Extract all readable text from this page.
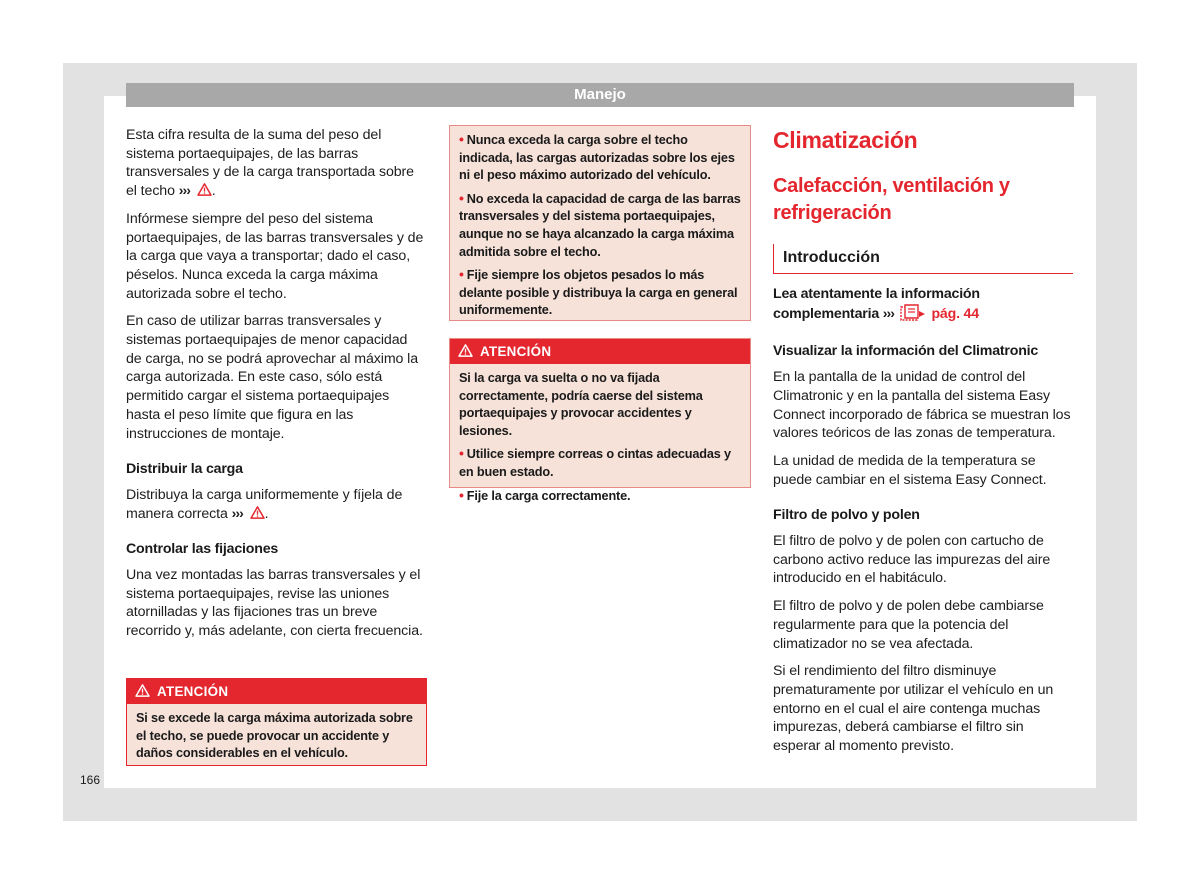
Manejo

Esta cifra resulta de la suma del peso del sistema portaequipajes, de las barras transversales y de la carga transportada sobre el techo ››› .

Infórmese siempre del peso del sistema portaequipajes, de las barras transversales y de la carga que vaya a transportar; dado el caso, péselos. Nunca exceda la carga máxima autorizada sobre el techo.

En caso de utilizar barras transversales y sistemas portaequipajes de menor capacidad de carga, no se podrá aprovechar al máximo la carga autorizada. En este caso, sólo está permitido cargar el sistema portaequipajes hasta el peso límite que figura en las instrucciones de montaje.

Distribuir la carga

Distribuya la carga uniformemente y fíjela de manera correcta ››› .

Controlar las fijaciones

Una vez montadas las barras transversales y el sistema portaequipajes, revise las uniones atornilladas y las fijaciones tras un breve recorrido y, más adelante, con cierta frecuencia.

ATENCIÓN

Si se excede la carga máxima autorizada sobre el techo, se puede provocar un accidente y daños considerables en el vehículo.

• Nunca exceda la carga sobre el techo indicada, las cargas autorizadas sobre los ejes ni el peso máximo autorizado del vehículo.

• No exceda la capacidad de carga de las barras transversales y del sistema portaequipajes, aunque no se haya alcanzado la carga máxima admitida sobre el techo.

• Fije siempre los objetos pesados lo más delante posible y distribuya la carga en general uniformemente.

ATENCIÓN

Si la carga va suelta o no va fijada correctamente, podría caerse del sistema portaequipajes y provocar accidentes y lesiones.

• Utilice siempre correas o cintas adecuadas y en buen estado.

• Fije la carga correctamente.

Climatización
Calefacción, ventilación y refrigeración
Introducción

Lea atentamente la información complementaria ›››	pág. 44

Visualizar la información del Climatronic

En la pantalla de la unidad de control del Climatronic y en la pantalla del sistema Easy Connect incorporado de fábrica se muestran los valores teóricos de las zonas de temperatura.

La unidad de medida de la temperatura se puede cambiar en el sistema Easy Connect.

Filtro de polvo y polen

El filtro de polvo y de polen con cartucho de carbono activo reduce las impurezas del aire introducido en el habitáculo.

El filtro de polvo y de polen debe cambiarse regularmente para que la potencia del climatizador no se vea afectada.

Si el rendimiento del filtro disminuye prematuramente por utilizar el vehículo en un entorno en el cual el aire contenga muchas impurezas, deberá cambiarse el filtro sin esperar al momento previsto.

166
